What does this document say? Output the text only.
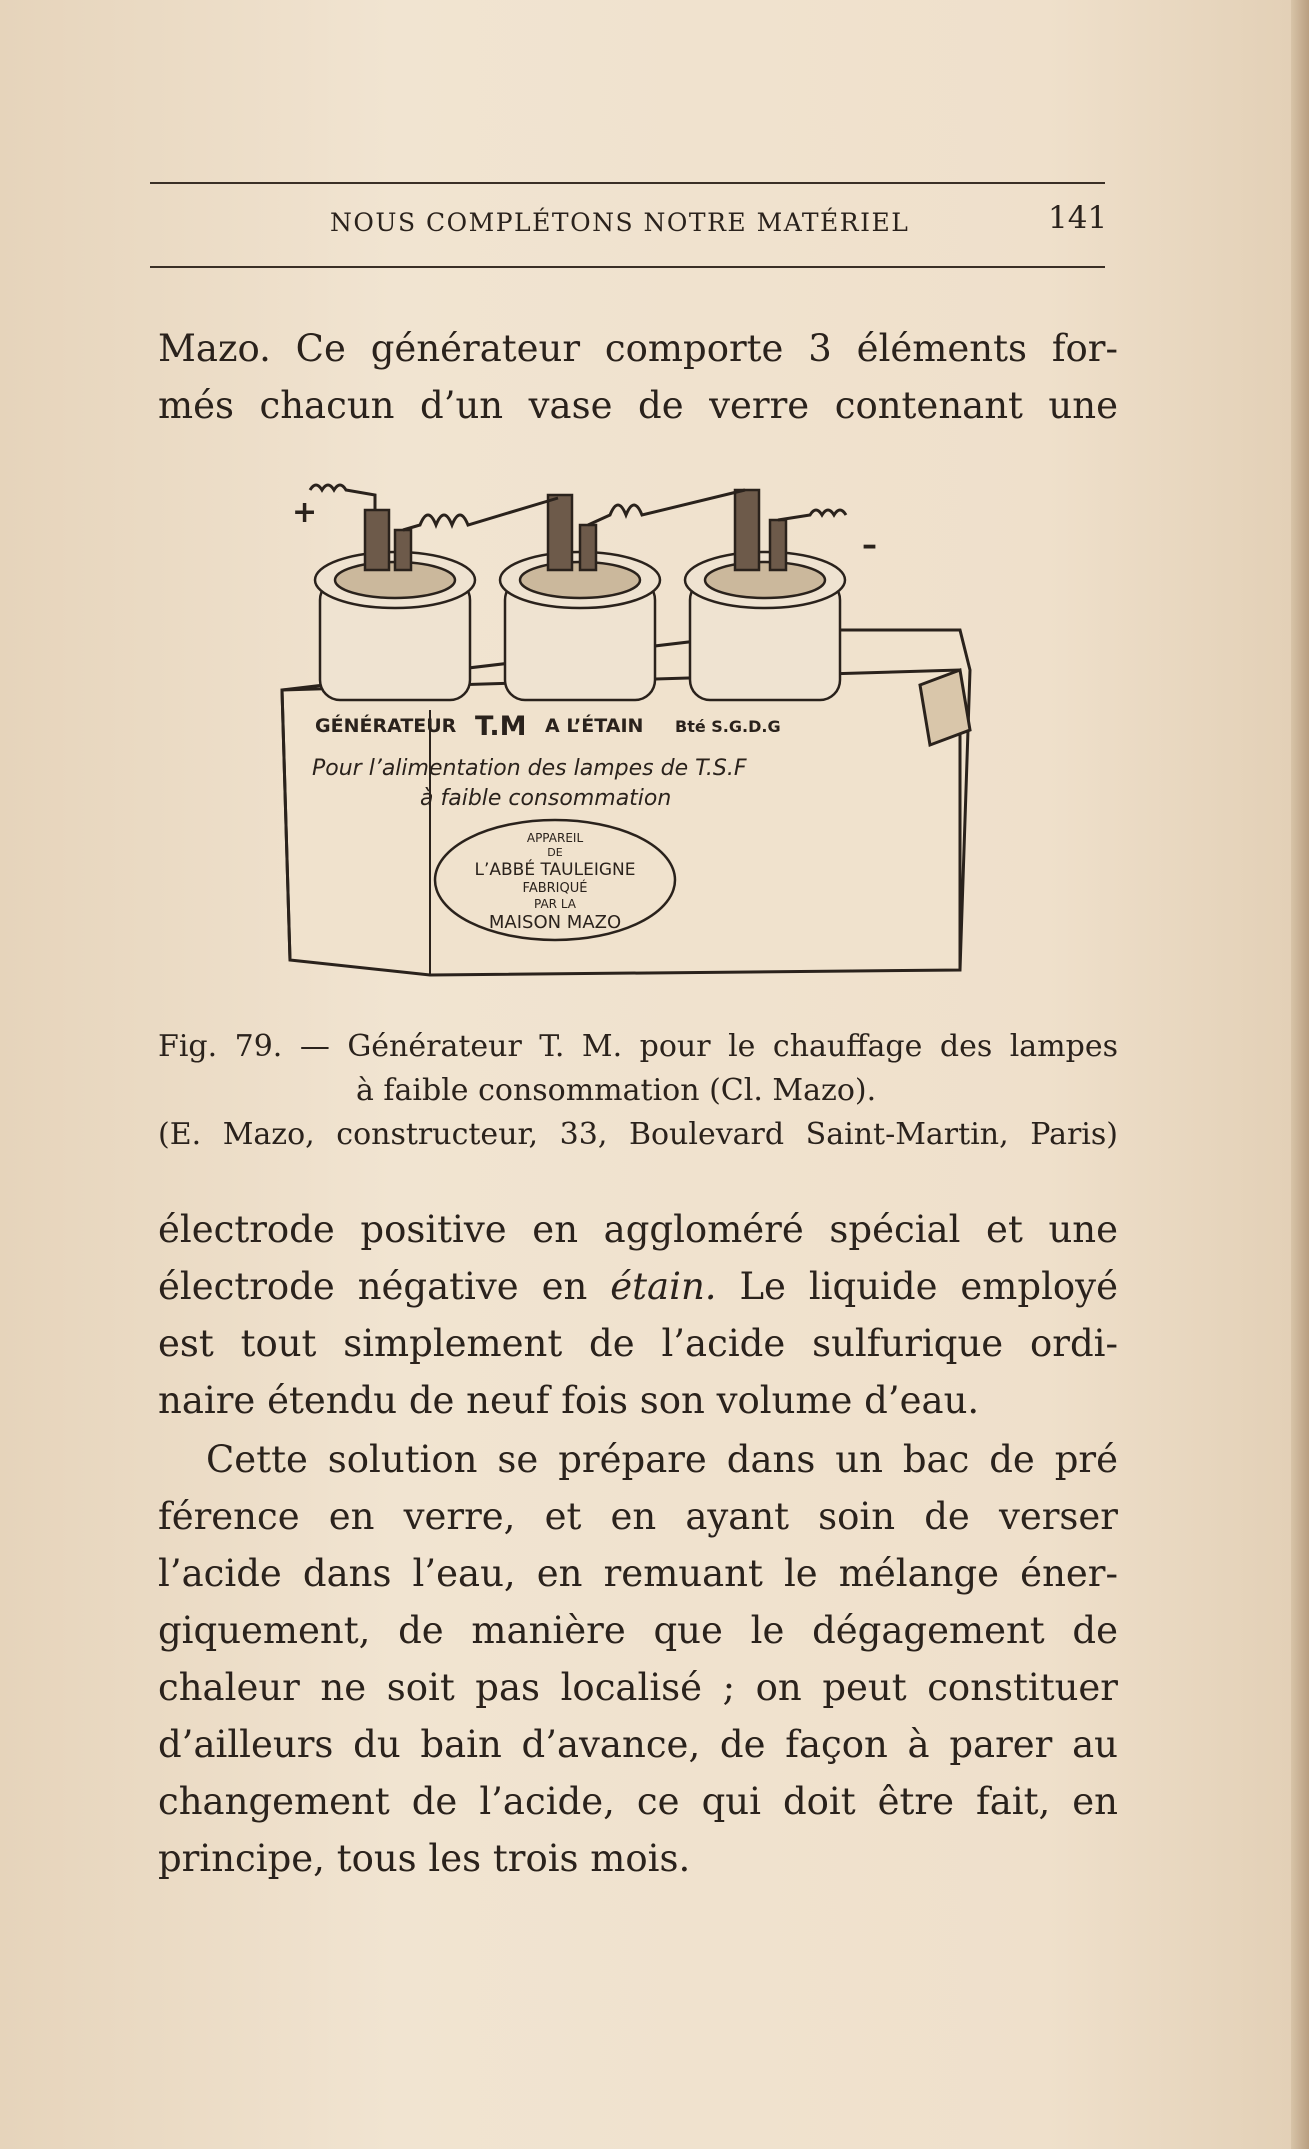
NOUS COMPLÉTONS NOTRE MATÉRIEL	141
Mazo. Ce générateur comporte 3 éléments for-
més chacun d’un vase de verre contenant une
+
–
GÉNÉRATEUR T.M A L’ÉTAIN Bté S.G.D.G
Pour l’alimentation des lampes de T.S.F
à faible consommation
APPAREIL
DE
L’ABBÉ TAULEIGNE
FABRIQUÉ
PAR LA
MAISON MAZO
Fig. 79. — Générateur T. M. pour le chauffage des lampes
à faible consommation (Cl. Mazo).
(E. Mazo, constructeur, 33, Boulevard Saint-Martin, Paris)
électrode positive en aggloméré spécial et une
électrode négative en étain. Le liquide employé
est tout simplement de l’acide sulfurique ordi-
naire étendu de neuf fois son volume d’eau.
Cette solution se prépare dans un bac de pré
férence en verre, et en ayant soin de verser
l’acide dans l’eau, en remuant le mélange éner-
giquement, de manière que le dégagement de
chaleur ne soit pas localisé ; on peut constituer
d’ailleurs du bain d’avance, de façon à parer au
changement de l’acide, ce qui doit être fait, en
principe, tous les trois mois.
